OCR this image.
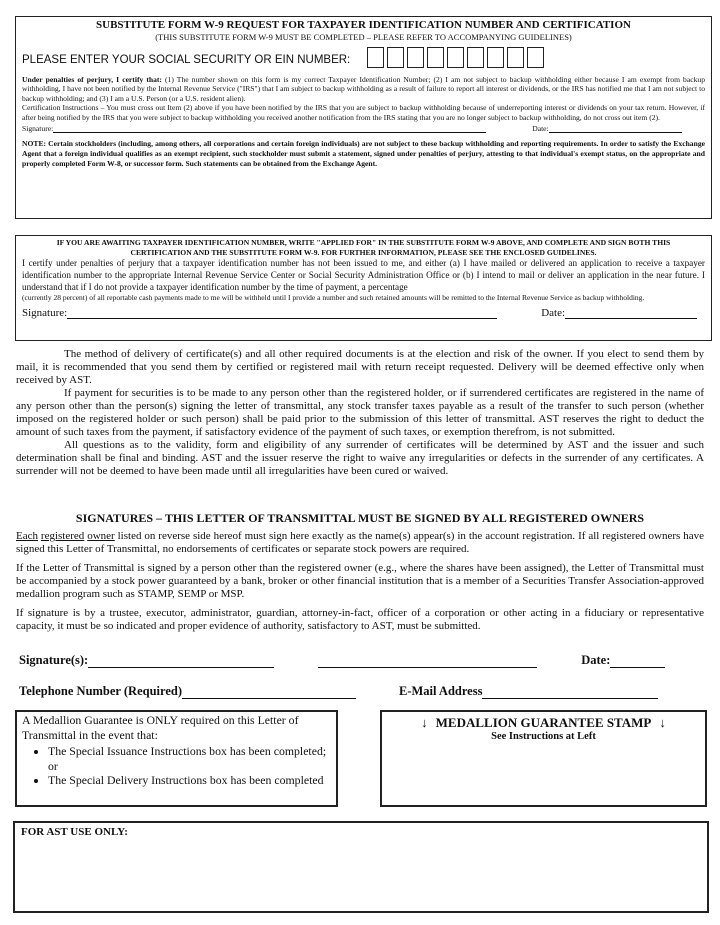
SUBSTITUTE FORM W-9 REQUEST FOR TAXPAYER IDENTIFICATION NUMBER AND CERTIFICATION
(THIS SUBSTITUTE FORM W-9 MUST BE COMPLETED – PLEASE REFER TO ACCOMPANYING GUIDELINES)
PLEASE ENTER YOUR SOCIAL SECURITY OR EIN NUMBER:
Under penalties of perjury, I certify that: (1) The number shown on this form is my correct Taxpayer Identification Number; (2) I am not subject to backup withholding either because I am exempt from backup withholding, I have not been notified by the Internal Revenue Service ("IRS") that I am subject to backup withholding as a result of failure to report all interest or dividends, or the IRS has notified me that I am not subject to backup withholding; and (3) I am a U.S. Person (or a U.S. resident alien).
Certification Instructions – You must cross out Item (2) above if you have been notified by the IRS that you are subject to backup withholding because of underreporting interest or dividends on your tax return. However, if after being notified by the IRS that you were subject to backup withholding you received another notification from the IRS stating that you are no longer subject to backup withholding, do not cross out item (2).
Signature:	Date:
NOTE: Certain stockholders (including, among others, all corporations and certain foreign individuals) are not subject to these backup withholding and reporting requirements. In order to satisfy the Exchange Agent that a foreign individual qualifies as an exempt recipient, such stockholder must submit a statement, signed under penalties of perjury, attesting to that individual's exempt status, on the appropriate and properly completed Form W-8, or successor form. Such statements can be obtained from the Exchange Agent.
IF YOU ARE AWAITING TAXPAYER IDENTIFICATION NUMBER, WRITE "APPLIED FOR" IN THE SUBSTITUTE FORM W-9 ABOVE, AND COMPLETE AND SIGN BOTH THIS CERTIFICATION AND THE SUBSTITUTE FORM W-9. FOR FURTHER INFORMATION, PLEASE SEE THE ENCLOSED GUIDELINES.
I certify under penalties of perjury that a taxpayer identification number has not been issued to me, and either (a) I have mailed or delivered an application to receive a taxpayer identification number to the appropriate Internal Revenue Service Center or Social Security Administration Office or (b) I intend to mail or deliver an application in the near future. I understand that if I do not provide a taxpayer identification number by the time of payment, a percentage
(currently 28 percent) of all reportable cash payments made to me will be withheld until I provide a number and such retained amounts will be remitted to the Internal Revenue Service as backup withholding.
Signature:	Date:

The method of delivery of certificate(s) and all other required documents is at the election and risk of the owner. If you elect to send them by mail, it is recommended that you send them by certified or registered mail with return receipt requested. Delivery will be deemed effective only when received by AST.

If payment for securities is to be made to any person other than the registered holder, or if surrendered certificates are registered in the name of any person other than the person(s) signing the letter of transmittal, any stock transfer taxes payable as a result of the transfer to such person (whether imposed on the registered holder or such person) shall be paid prior to the submission of this letter of transmittal. AST reserves the right to deduct the amount of such taxes from the payment, if satisfactory evidence of the payment of such taxes, or exemption therefrom, is not submitted.

All questions as to the validity, form and eligibility of any surrender of certificates will be determined by AST and the issuer and such determination shall be final and binding. AST and the issuer reserve the right to waive any irregularities or defects in the surrender of any certificates. A surrender will not be deemed to have been made until all irregularities have been cured or waived.

SIGNATURES – THIS LETTER OF TRANSMITTAL MUST BE SIGNED BY ALL REGISTERED OWNERS

Each registered owner listed on reverse side hereof must sign here exactly as the name(s) appear(s) in the account registration. If all registered owners have signed this Letter of Transmittal, no endorsements of certificates or separate stock powers are required.

If the Letter of Transmittal is signed by a person other than the registered owner (e.g., where the shares have been assigned), the Letter of Transmittal must be accompanied by a stock power guaranteed by a bank, broker or other financial institution that is a member of a Securities Transfer Association-approved medallion program such as STAMP, SEMP or MSP.

If signature is by a trustee, executor, administrator, guardian, attorney-in-fact, officer of a corporation or other acting in a fiduciary or representative capacity, it must be so indicated and proper evidence of authority, satisfactory to AST, must be submitted.

Signature(s):	Date:
Telephone Number (Required)	E-Mail Address
A Medallion Guarantee is ONLY required on this Letter of Transmittal in the event that:
• The Special Issuance Instructions box has been completed; or
• The Special Delivery Instructions box has been completed
↓ MEDALLION GUARANTEE STAMP ↓
See Instructions at Left
FOR AST USE ONLY:
